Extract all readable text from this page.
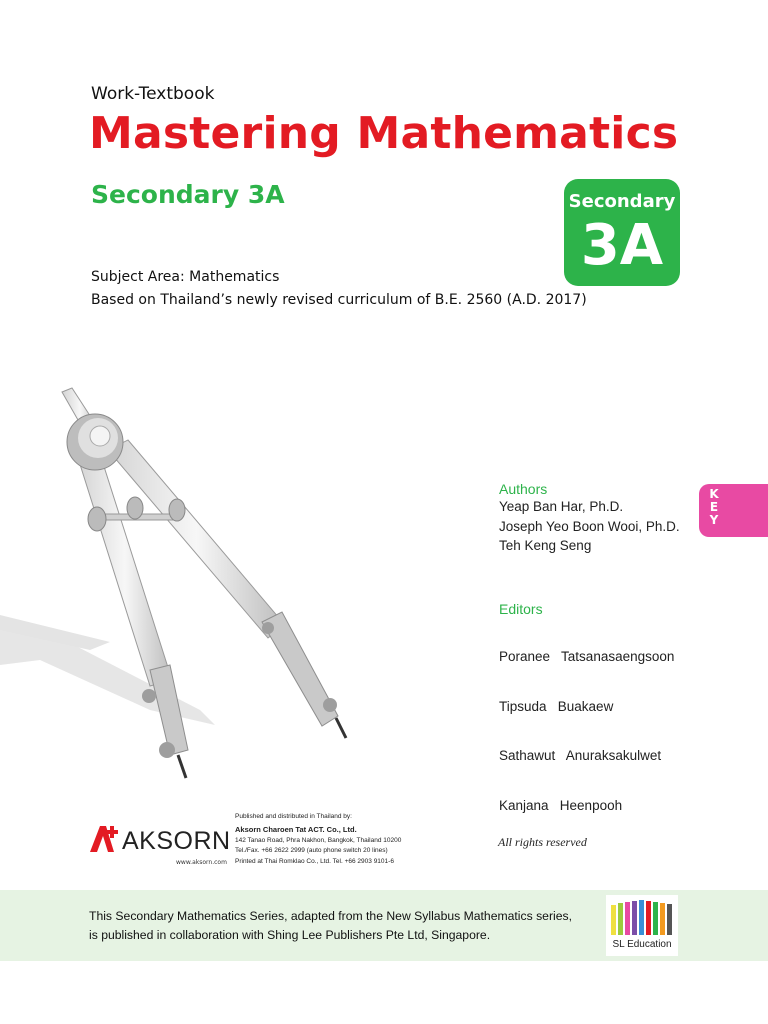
Work-Textbook
Mastering Mathematics
Secondary 3A	Secondary
3A
Subject Area: Mathematics
Based on Thailand’s newly revised curriculum of B.E. 2560 (A.D. 2017)
Authors
Yeap Ban Har, Ph.D.
Joseph Yeo Boon Wooi, Ph.D.
Teh Keng Seng

Editors

Poranee   Tatsanasaengsoon

Tipsuda   Buakaew

Sathawut   Anuraksakulwet

Kanjana   Heenpooh

K
E
Y
AKSORN
www.aksorn.com
Published and distributed in Thailand by:
Aksorn Charoen Tat ACT. Co., Ltd.
142 Tanao Road, Phra Nakhon, Bangkok, Thailand 10200
Tel./Fax. +66 2622 2999 (auto phone switch 20 lines)
Printed at Thai Romklao Co., Ltd. Tel. +66 2903 9101-6
All rights reserved
This Secondary Mathematics Series, adapted from the New Syllabus Mathematics series,
is published in collaboration with Shing Lee Publishers Pte Ltd, Singapore.
SL Education
